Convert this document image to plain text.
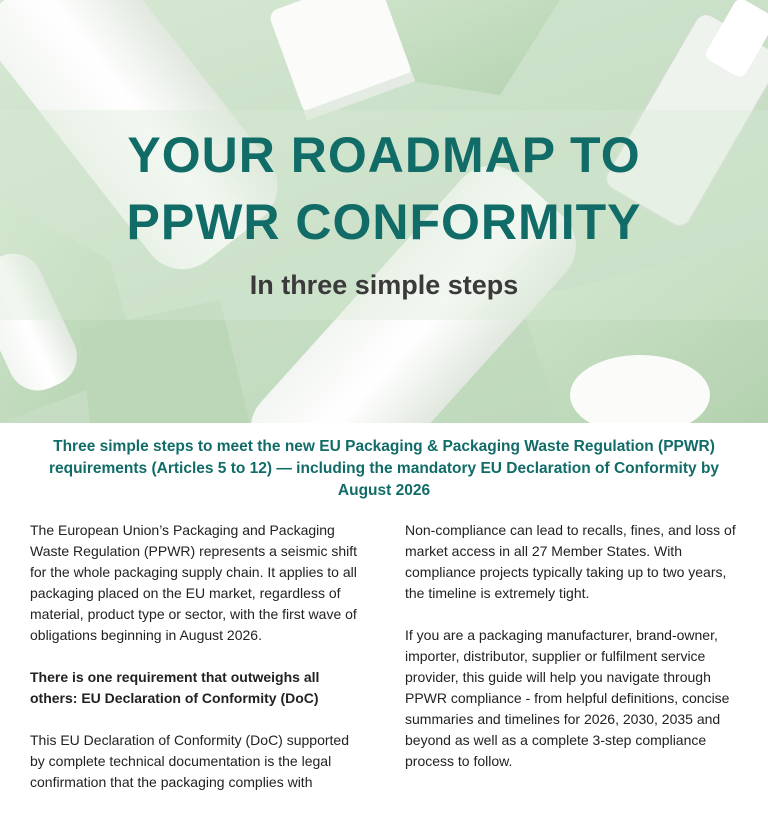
YOUR ROADMAP TO
PPWR CONFORMITY

In three simple steps

Three simple steps to meet the new EU Packaging & Packaging Waste Regulation (PPWR) requirements (Articles 5 to 12) — including the mandatory EU Declaration of Conformity by August 2026

The European Union’s Packaging and Packaging Waste Regulation (PPWR) represents a seismic shift for the whole packaging supply chain. It applies to all packaging placed on the EU market, regardless of material, product type or sector, with the first wave of obligations beginning in August 2026.

There is one requirement that outweighs all others: EU Declaration of Conformity (DoC)

This EU Declaration of Conformity (DoC) supported by complete technical documentation is the legal confirmation that the packaging complies with

Non-compliance can lead to recalls, fines, and loss of market access in all 27 Member States. With compliance projects typically taking up to two years, the timeline is extremely tight.

If you are a packaging manufacturer, brand-owner, importer, distributor, supplier or fulfilment service provider, this guide will help you navigate through PPWR compliance - from helpful definitions, concise summaries and timelines for 2026, 2030, 2035 and beyond as well as a complete 3-step compliance process to follow.
